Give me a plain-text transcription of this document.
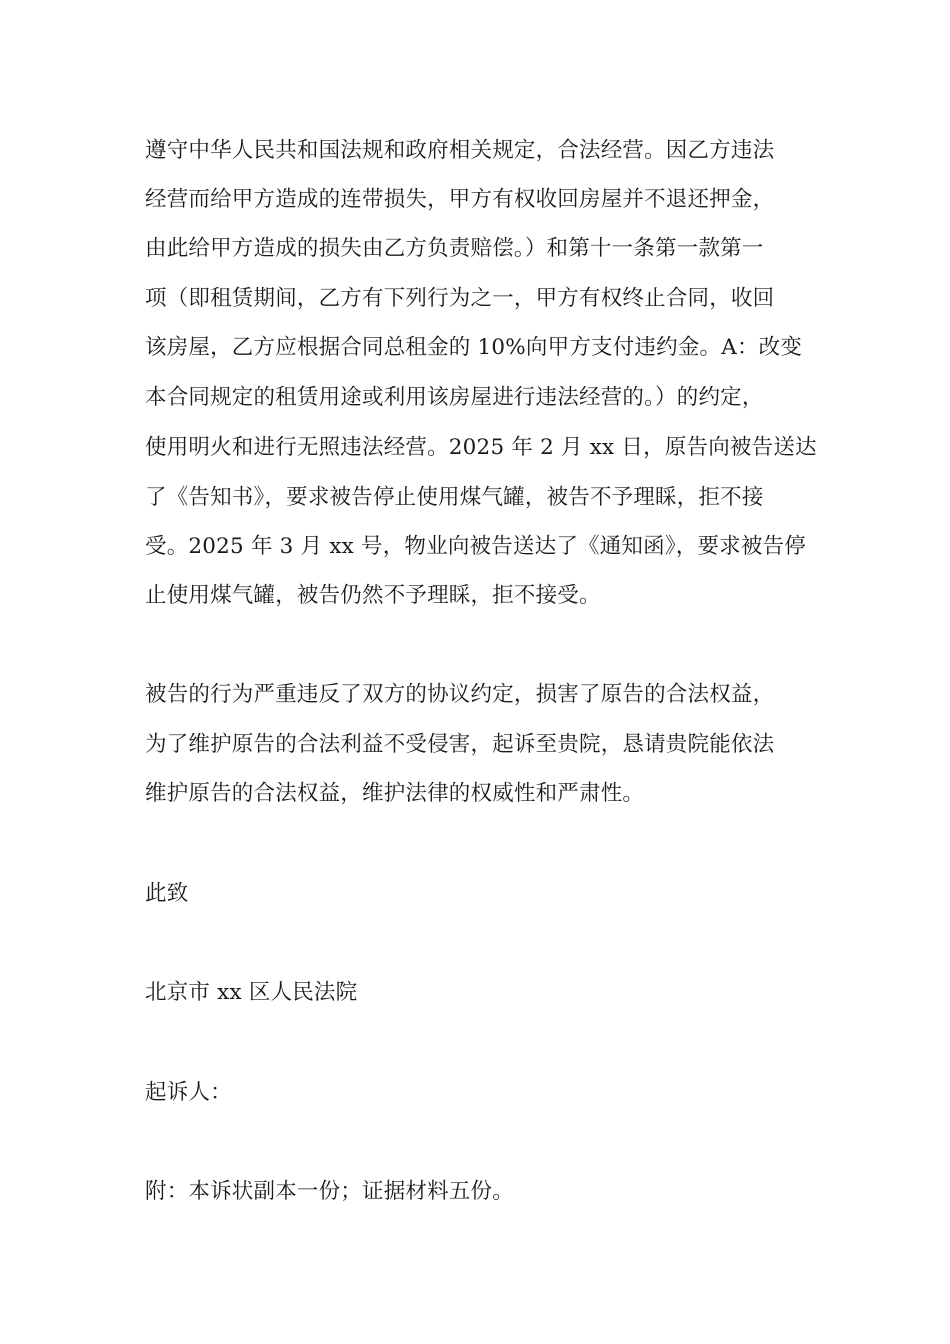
遵守中华人民共和国法规和政府相关规定，合法经营。因乙方违法
经营而给甲方造成的连带损失，甲方有权收回房屋并不退还押金，
由此给甲方造成的损失由乙方负责赔偿。）和第十一条第一款第一
项（即租赁期间，乙方有下列行为之一，甲方有权终止合同，收回
该房屋，乙方应根据合同总租金的 10%向甲方支付违约金。A：改变
本合同规定的租赁用途或利用该房屋进行违法经营的。）的约定，
使用明火和进行无照违法经营。2025 年 2 月 xx 日，原告向被告送达
了《告知书》，要求被告停止使用煤气罐，被告不予理睬，拒不接
受。2025 年 3 月 xx 号，物业向被告送达了《通知函》，要求被告停
止使用煤气罐，被告仍然不予理睬，拒不接受。
被告的行为严重违反了双方的协议约定，损害了原告的合法权益，
为了维护原告的合法利益不受侵害，起诉至贵院，恳请贵院能依法
维护原告的合法权益，维护法律的权威性和严肃性。
此致
北京市 xx 区人民法院
起诉人：
附：本诉状副本一份；证据材料五份。
